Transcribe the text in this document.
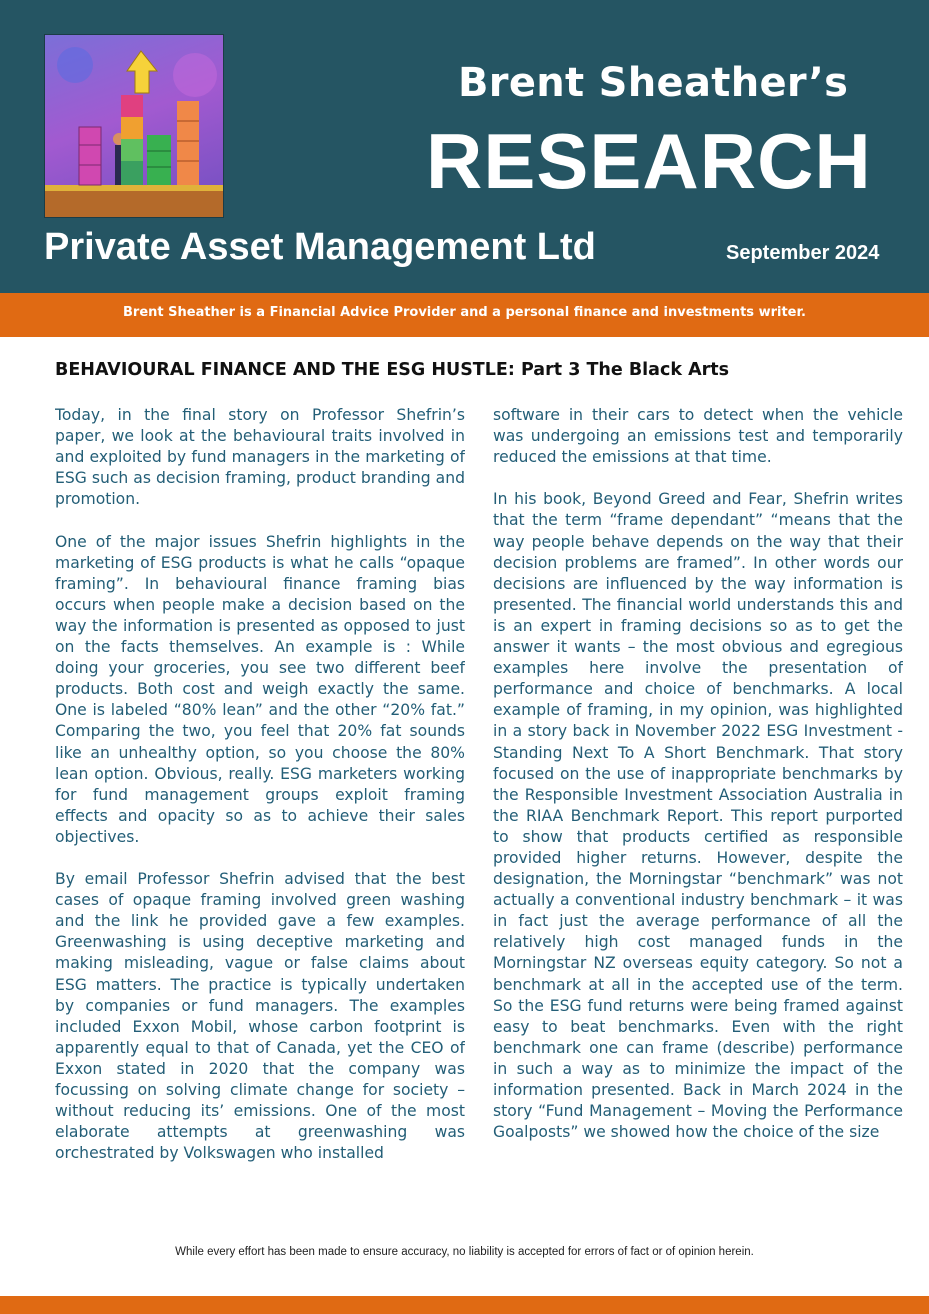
Brent Sheather’s
RESEARCH
Private Asset Management Ltd	September 2024
Brent Sheather is a Financial Advice Provider and a personal finance and investments writer.
BEHAVIOURAL FINANCE AND THE ESG HUSTLE: Part 3 The Black Arts

Today, in the final story on Professor Shefrin’s paper, we look at the behavioural traits involved in and exploited by fund managers in the marketing of ESG such as decision framing, product branding and promotion.

One of the major issues Shefrin highlights in the marketing of ESG products is what he calls “opaque framing”. In behavioural finance framing bias occurs when people make a decision based on the way the information is presented as opposed to just on the facts themselves. An example is : While doing your groceries, you see two different beef products. Both cost and weigh exactly the same. One is labeled “80% lean” and the other “20% fat.” Comparing the two, you feel that 20% fat sounds like an unhealthy option, so you choose the 80% lean option. Obvious, really. ESG marketers working for fund management groups exploit framing effects and opacity so as to achieve their sales objectives.

By email Professor Shefrin advised that the best cases of opaque framing involved green washing and the link he provided gave a few examples. Greenwashing is using deceptive marketing and making misleading, vague or false claims about ESG matters. The practice is typically undertaken by companies or fund managers. The examples included Exxon Mobil, whose carbon footprint is apparently equal to that of Canada, yet the CEO of Exxon stated in 2020 that the company was focussing on solving climate change for society – without reducing its’ emissions. One of the most elaborate attempts at greenwashing was orchestrated by Volkswagen who installed

software in their cars to detect when the vehicle was undergoing an emissions test and temporarily reduced the emissions at that time.

In his book, Beyond Greed and Fear, Shefrin writes that the term “frame dependant” “means that the way people behave depends on the way that their decision problems are framed”. In other words our decisions are influenced by the way information is presented. The financial world understands this and is an expert in framing decisions so as to get the answer it wants – the most obvious and egregious examples here involve the presentation of performance and choice of benchmarks. A local example of framing, in my opinion, was highlighted in a story back in November 2022 ESG Investment - Standing Next To A Short Benchmark. That story focused on the use of inappropriate benchmarks by the Responsible Investment Association Australia in the RIAA Benchmark Report. This report purported to show that products certified as responsible provided higher returns. However, despite the designation, the Morningstar “benchmark” was not actually a conventional industry benchmark – it was in fact just the average performance of all the relatively high cost managed funds in the Morningstar NZ overseas equity category. So not a benchmark at all in the accepted use of the term. So the ESG fund returns were being framed against easy to beat benchmarks. Even with the right benchmark one can frame (describe) performance in such a way as to minimize the impact of the information presented. Back in March 2024 in the story “Fund Management – Moving the Performance Goalposts” we showed how the choice of the size

While every effort has been made to ensure accuracy, no liability is accepted for errors of fact or of opinion herein.
